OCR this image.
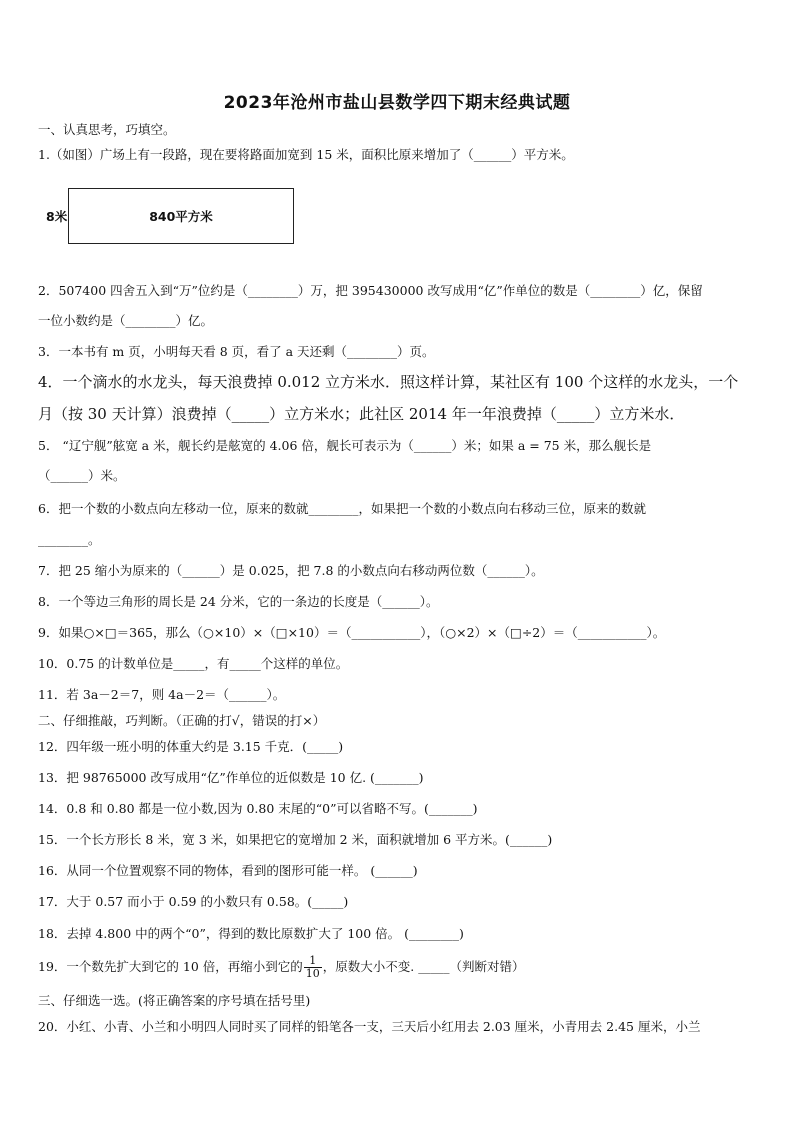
2023年沧州市盐山县数学四下期末经典试题
一、认真思考，巧填空。
1.（如图）广场上有一段路，现在要将路面加宽到 15 米，面积比原来增加了（______）平方米。
8米	840平方米
2．507400 四舍五入到“万”位约是（________）万，把 395430000 改写成用“亿”作单位的数是（________）亿，保留
一位小数约是（________）亿。
3．一本书有 m 页，小明每天看 8 页，看了 a 天还剩（________）页。
4．一个滴水的水龙头，每天浪费掉 0.012 立方米水．照这样计算，某社区有 100 个这样的水龙头，一个
月（按 30 天计算）浪费掉（_____）立方米水；此社区 2014 年一年浪费掉（_____）立方米水．
5． “辽宁舰”舷宽 a 米，舰长约是舷宽的 4.06 倍，舰长可表示为（______）米；如果 a = 75 米，那么舰长是
（______）米。
6．把一个数的小数点向左移动一位，原来的数就________，如果把一个数的小数点向右移动三位，原来的数就
________。
7．把 25 缩小为原来的（______）是 0.025，把 7.8 的小数点向右移动两位数（______）。
8．一个等边三角形的周长是 24 分米，它的一条边的长度是（______）。
9．如果○×□＝365，那么（○×10）×（□×10）＝（___________），（○×2）×（□÷2）＝（___________）。
10．0.75 的计数单位是_____，有_____个这样的单位。
11．若 3a－2＝7，则 4a－2＝（______）。
二、仔细推敲，巧判断。（正确的打√，错误的打×）
12．四年级一班小明的体重大约是 3.15 千克．(_____)
13．把 98765000 改写成用“亿”作单位的近似数是 10 亿. (_______)
14．0.8 和 0.80 都是一位小数,因为 0.80 末尾的“0”可以省略不写。(_______)
15．一个长方形长 8 米，宽 3 米，如果把它的宽增加 2 米，面积就增加 6 平方米。(______)
16．从同一个位置观察不同的物体，看到的图形可能一样。 (______)
17．大于 0.57 而小于 0.59 的小数只有 0.58。(_____)
18．去掉 4.800 中的两个“0”，得到的数比原数扩大了 100 倍。 (________)
19．一个数先扩大到它的 10 倍，再缩小到它的 $\frac{1}{10}$ ，原数大小不变. _____（判断对错）
三、仔细选一选。(将正确答案的序号填在括号里)
20．小红、小青、小兰和小明四人同时买了同样的铅笔各一支，三天后小红用去 2.03 厘米，小青用去 2.45 厘米，小兰
